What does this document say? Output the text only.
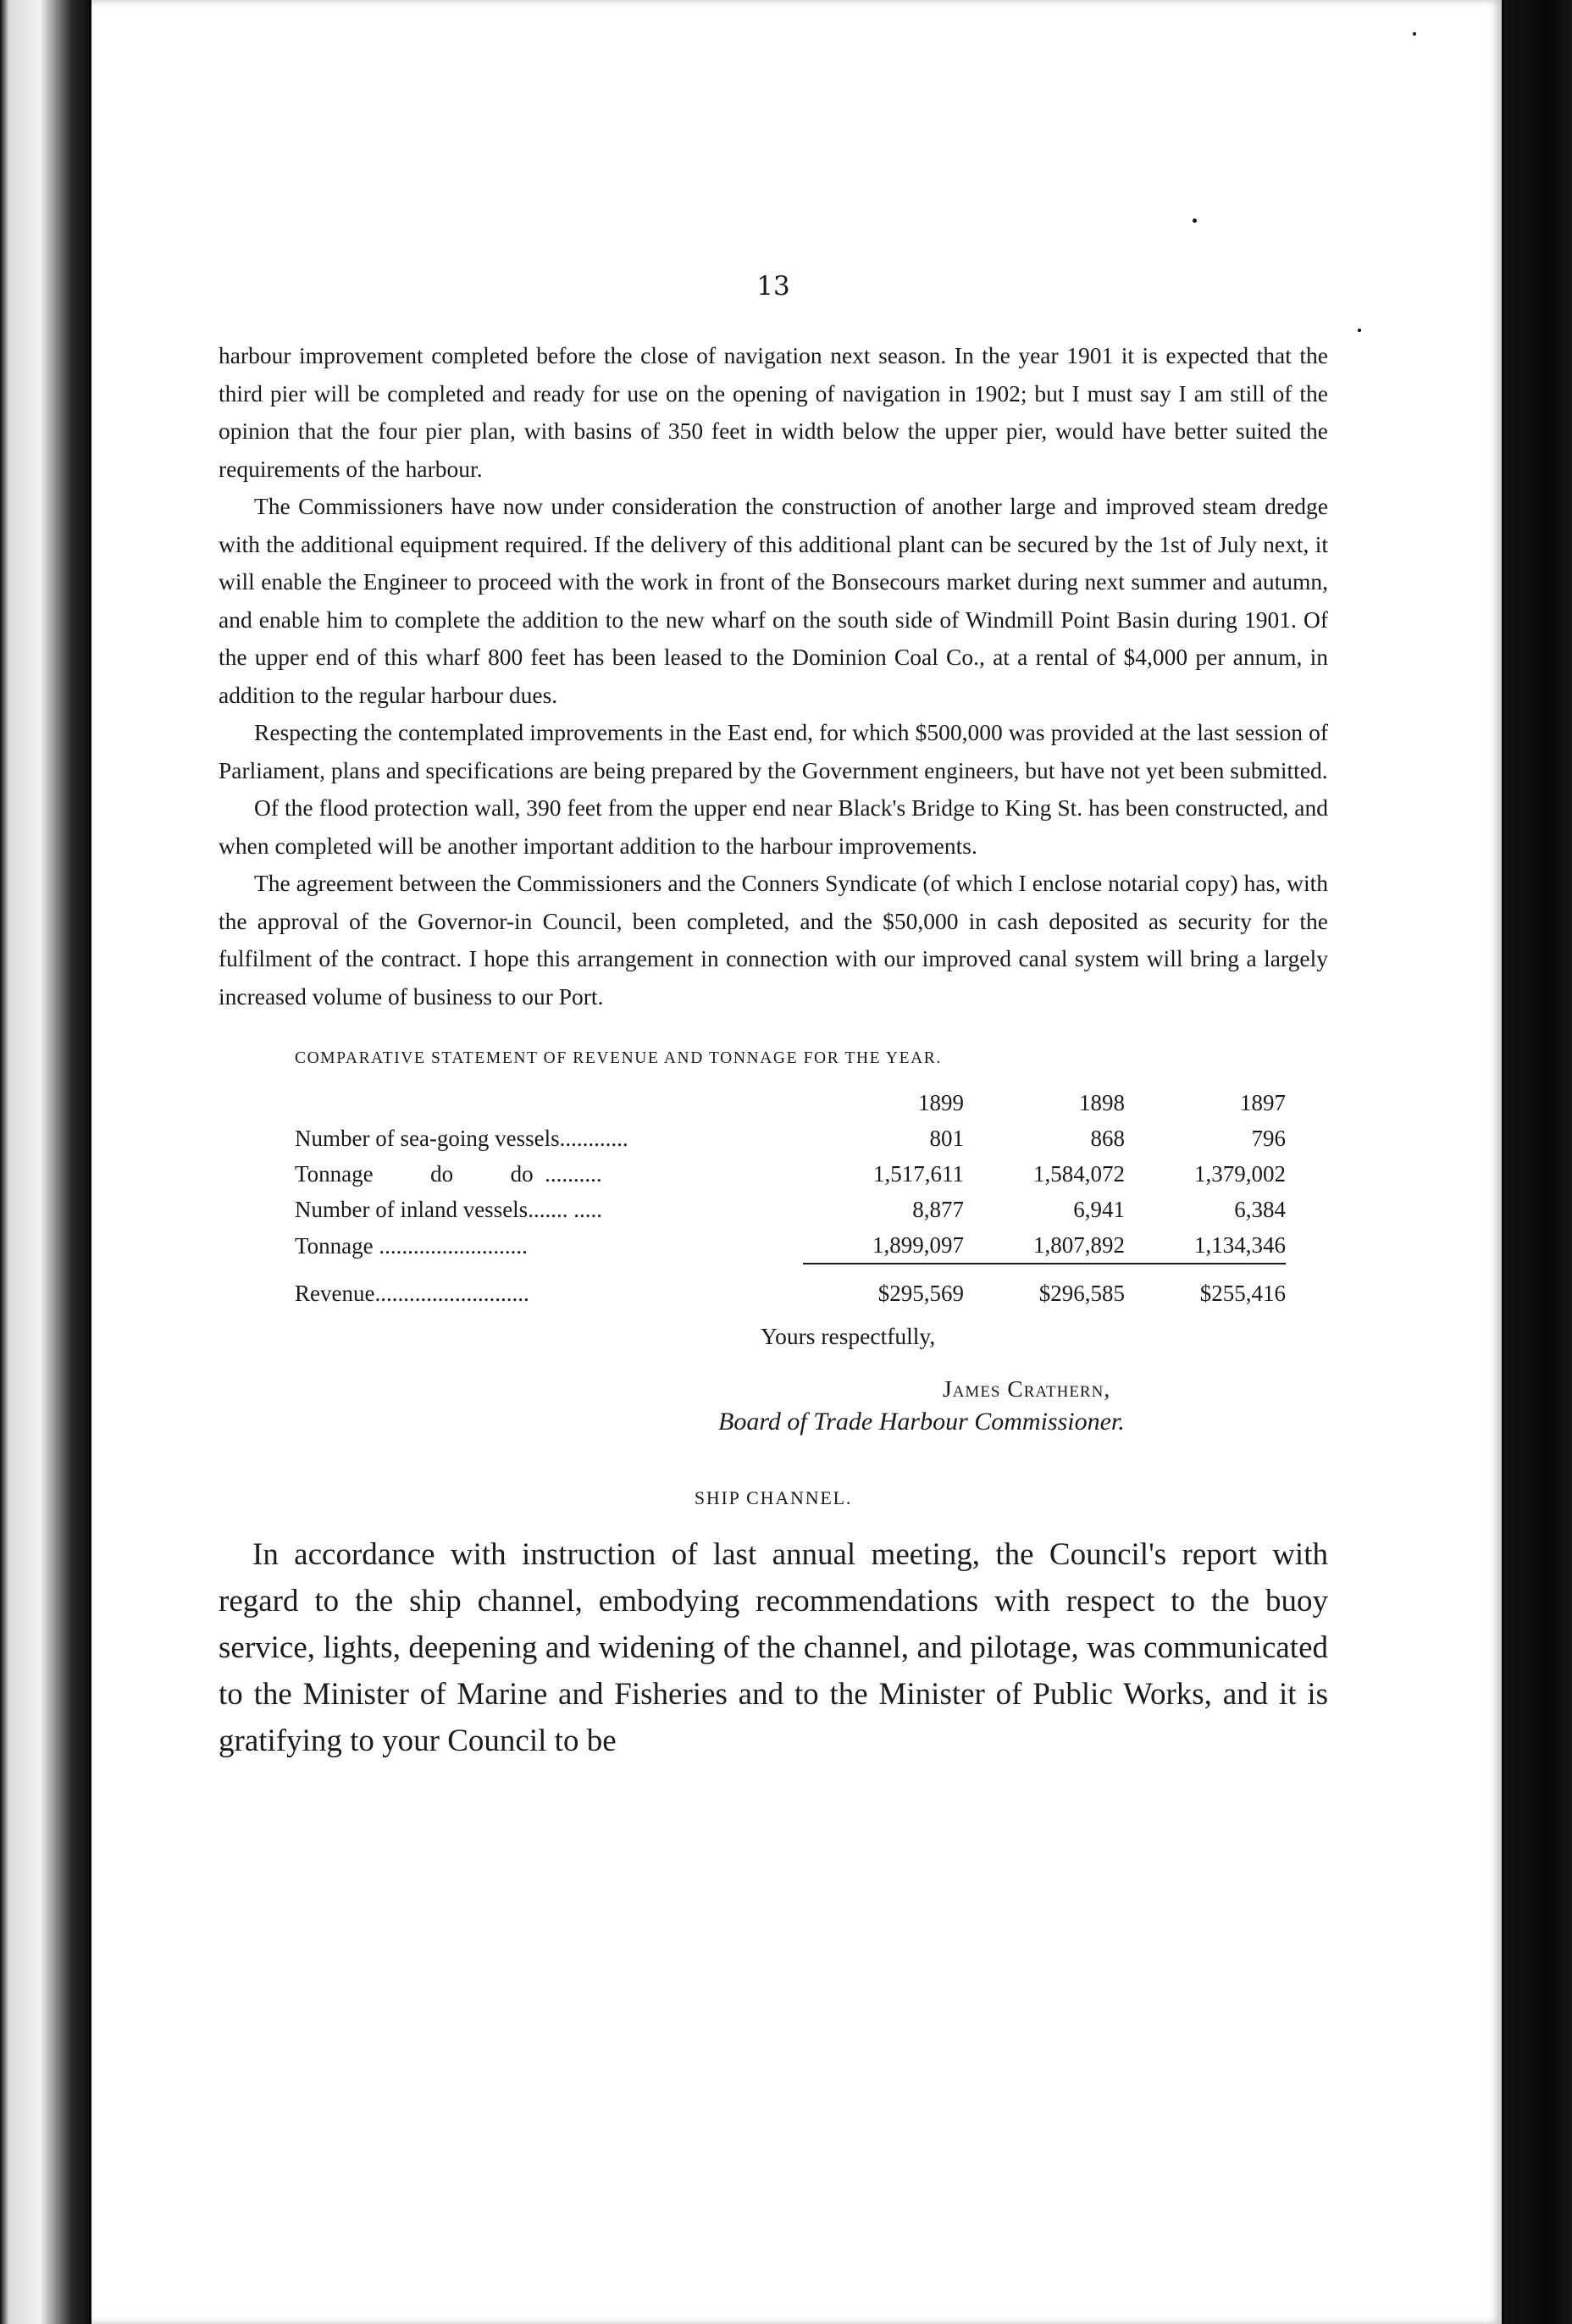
13

harbour improvement completed before the close of navigation next season. In the year 1901 it is expected that the third pier will be completed and ready for use on the opening of navigation in 1902; but I must say I am still of the opinion that the four pier plan, with basins of 350 feet in width below the upper pier, would have better suited the requirements of the harbour.

The Commissioners have now under consideration the construction of another large and improved steam dredge with the additional equipment required. If the delivery of this additional plant can be secured by the 1st of July next, it will enable the Engineer to proceed with the work in front of the Bonsecours market during next summer and autumn, and enable him to complete the addition to the new wharf on the south side of Windmill Point Basin during 1901. Of the upper end of this wharf 800 feet has been leased to the Dominion Coal Co., at a rental of $4,000 per annum, in addition to the regular harbour dues.

Respecting the contemplated improvements in the East end, for which $500,000 was provided at the last session of Parliament, plans and specifications are being prepared by the Government engineers, but have not yet been submitted.

Of the flood protection wall, 390 feet from the upper end near Black's Bridge to King St. has been constructed, and when completed will be another important addition to the harbour improvements.

The agreement between the Commissioners and the Conners Syndicate (of which I enclose notarial copy) has, with the approval of the Governor-in Council, been completed, and the $50,000 in cash deposited as security for the fulfilment of the contract. I hope this arrangement in connection with our improved canal system will bring a largely increased volume of business to our Port.

COMPARATIVE STATEMENT OF REVENUE AND TONNAGE FOR THE YEAR.
	1899	1898	1897
Number of sea-going vessels............	801	868	796
Tonnage          do          do  ..........	1,517,611	1,584,072	1,379,002
Number of inland vessels....... .....	8,877	6,941	6,384
Tonnage ..........................	1,899,097	1,807,892	1,134,346
Revenue...........................	$295,569	$296,585	$255,416
Yours respectfully,
James Crathern,
Board of Trade Harbour Commissioner.
SHIP CHANNEL.

In accordance with instruction of last annual meeting, the Council's report with regard to the ship channel, embodying recommendations with respect to the buoy service, lights, deepening and widening of the channel, and pilotage, was communicated to the Minister of Marine and Fisheries and to the Minister of Public Works, and it is gratifying to your Council to be
